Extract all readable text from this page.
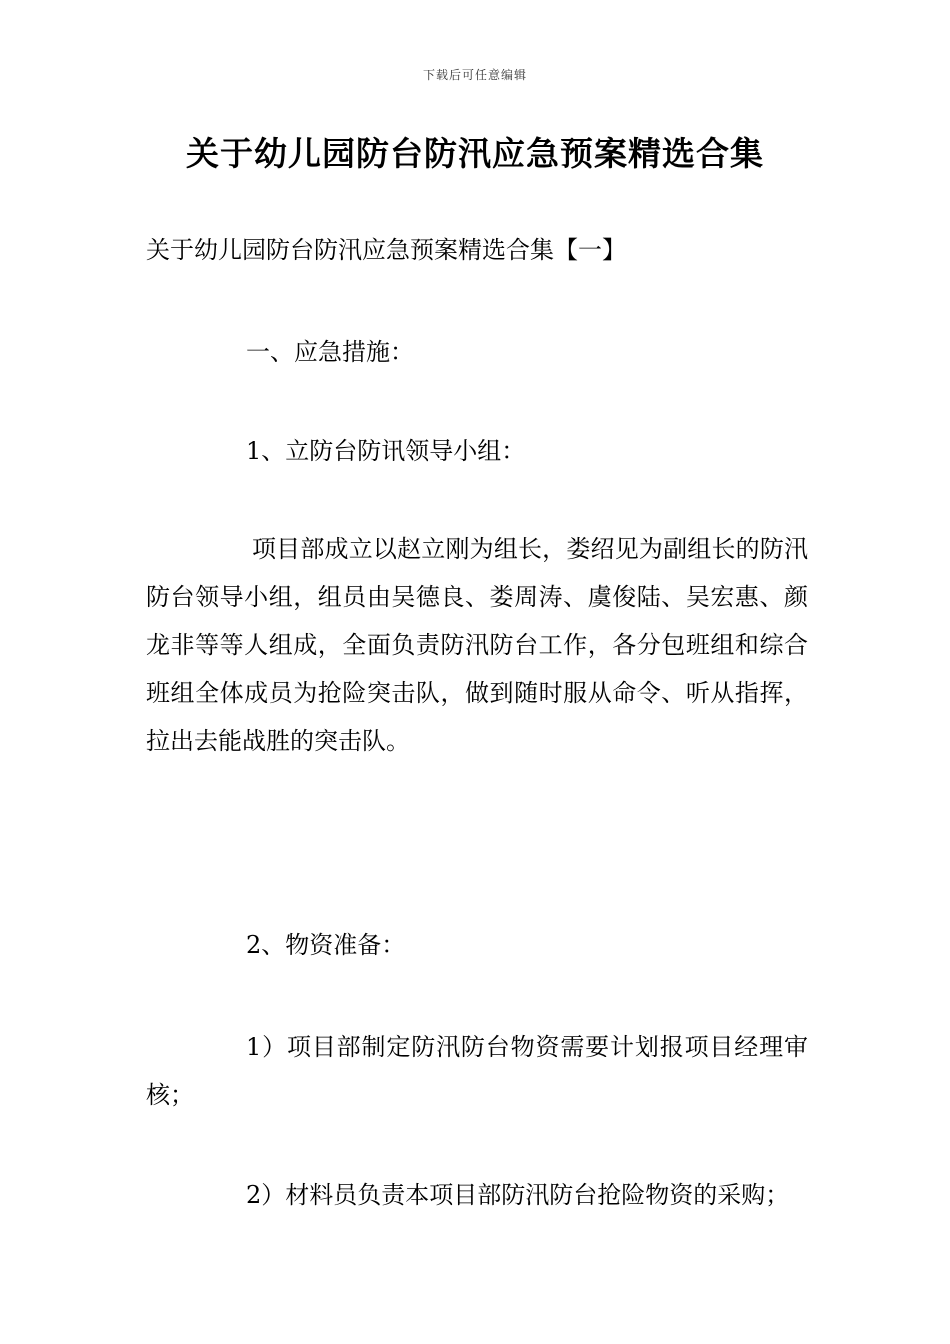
下载后可任意编辑
关于幼儿园防台防汛应急预案精选合集

关于幼儿园防台防汛应急预案精选合集【一】

一、应急措施：

1、立防台防讯领导小组：

项目部成立以赵立刚为组长，娄绍见为副组长的防汛防台领导小组，组员由吴德良、娄周涛、虞俊陆、吴宏惠、颜龙非等等人组成，全面负责防汛防台工作，各分包班组和综合班组全体成员为抢险突击队，做到随时服从命令、听从指挥，拉出去能战胜的突击队。

2、物资准备：

1）项目部制定防汛防台物资需要计划报项目经理审核；

2）材料员负责本项目部防汛防台抢险物资的采购；
